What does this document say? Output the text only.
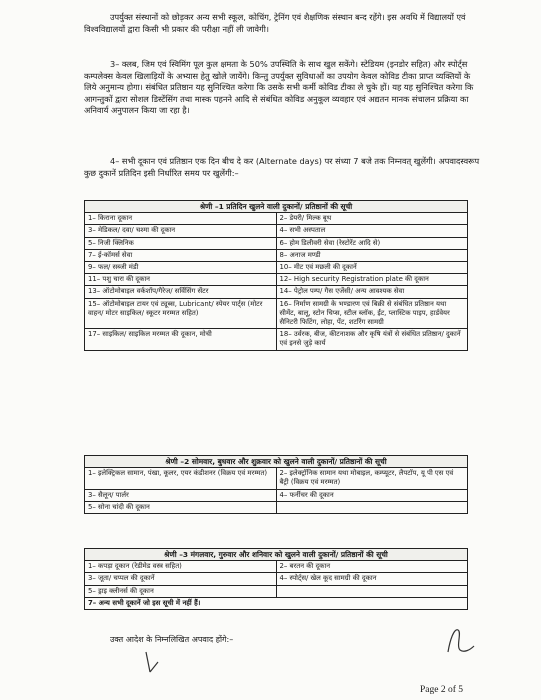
उपर्युक्त संस्थानों को छोड़कर अन्य सभी स्कूल, कोचिंग, ट्रेनिंग एवं शैक्षणिक संस्थान बन्द रहेंगे। इस अवधि में विद्यालयों एवं विश्वविद्यालयों द्वारा किसी भी प्रकार की परीक्षा नहीं ली जावेगी।
3– क्लब, जिम एवं स्विमिंग पूल कुल क्षमता के 50% उपस्थिति के साथ खुल सकेंगे। स्टेडियम (इनडोर सहित) और स्पोर्ट्स कम्पलेक्स केवल खिलाड़ियों के अभ्यास हेतु खोले जायेंगे। किन्तु उपर्युक्त सुविधाओं का उपयोग केवल कोविड टीका प्राप्त व्यक्तियों के लिये अनुमान्य होगा। संबंधित प्रतिष्ठान यह सुनिश्चित करेगा कि उसके सभी कर्मी कोविड टीका ले चुके हों। यह यह सुनिश्चित करेगा कि आगन्तुकों द्वारा सोशल डिस्टेंसिंग तथा मास्क पहनने आदि से संबंधित कोविड अनुकूल व्यवहार एवं अद्यतन मानक संचालन प्रक्रिया का अनिवार्य अनुपालन किया जा रहा है।
4– सभी दूकान एवं प्रतिष्ठान एक दिन बीच दे कर (Alternate days) पर संध्या 7 बजे तक निम्नवत् खुलेंगी। अपवादस्वरूप कुछ दुकानें प्रतिदिन इसी निर्धारित समय पर खुलेंगी:–
श्रेणी –1 प्रतिदिन खुलने वाली दुकानों/ प्रतिष्ठानों की सूची	
1– किराना दूकान	2– डेयरी/ मिल्क बूथ
3– मेडिकल/ दवा/ चश्मा की दूकान	4– सभी अस्पताल
5– निजी क्लिनिक	6– होम डिलीवरी सेवा (रेस्टोरेंट आदि से)
7– ई-कॉमर्स सेवा	8– अनाज मण्डी
9– फल/ सब्जी मंडी	10– मीट एवं मछली की दूकानें
11– पशु चारा की दूकान	12– High security Registration plate की दूकान
13– ऑटोमोबाइल वर्कशॉप/गैरेज/ सर्विसिंग सेंटर	14– पेट्रोल पम्प/ गैस एजेंसी/ अन्य आवश्यक सेवा
15– ऑटोमोबाइल टायर एवं ट्यूब्स, Lubricant/ स्पेयर पार्ट्स (मोटर वाहन/ मोटर साइकिल/ स्कूटर मरम्मत सहित)	16– निर्माण सामग्री के भण्डारण एवं बिक्री से संबंधित प्रतिष्ठान यथा सीमेंट, बालू, स्टोन चिप्स, स्टील ब्लॉक, ईंट, प्लास्टिक पाइप, हार्डवेयर सैनिटरी फिटिंग, लोहा, पेंट, शटरिंग सामग्री
17– साइकिल/ साइकिल मरम्मत की दूकान, मोची	18– उर्वरक, बीज, कीटनाशक और कृषि यंत्रों से संबंधित प्रतिष्ठान/ दुकानें एवं इनसे जुड़े कार्य
श्रेणी –2 सोमवार, बुधवार और शुक्रवार को खुलने वाली दुकानों/ प्रतिष्ठानों की सूची	
1– इलेक्ट्रिकल सामान, पंखा, कूलर, एयर कंडीशनर (विक्रय एवं मरम्मत)	2– इलेक्ट्रॉनिक सामान यथा मोबाइल, कम्प्यूटर, लैपटॉप, यू पी एस एवं बैट्री (विक्रय एवं मरम्मत)
3– सैलून/ पार्लर	4– फर्नीचर की दूकान
5– सोना चांदी की दूकान	
श्रेणी –3 मंगलवार, गुरुवार और शनिवार को खुलने वाली दुकानों/ प्रतिष्ठानों की सूची	
1– कपड़ा दूकान (रेडीमेड वस्त्र सहित)	2– बरतन की दूकान
3– जूता/ चप्पल की दूकानें	4– स्पोर्ट्स/ खेल कूद सामग्री की दूकान
5– ड्राइ क्लीनर्स की दूकान	
7– अन्य सभी दूकानें जो इस सूची में नहीं हैं।	
उक्त आदेश के निम्नलिखित अपवाद होंगे:–
Page 2 of 5
